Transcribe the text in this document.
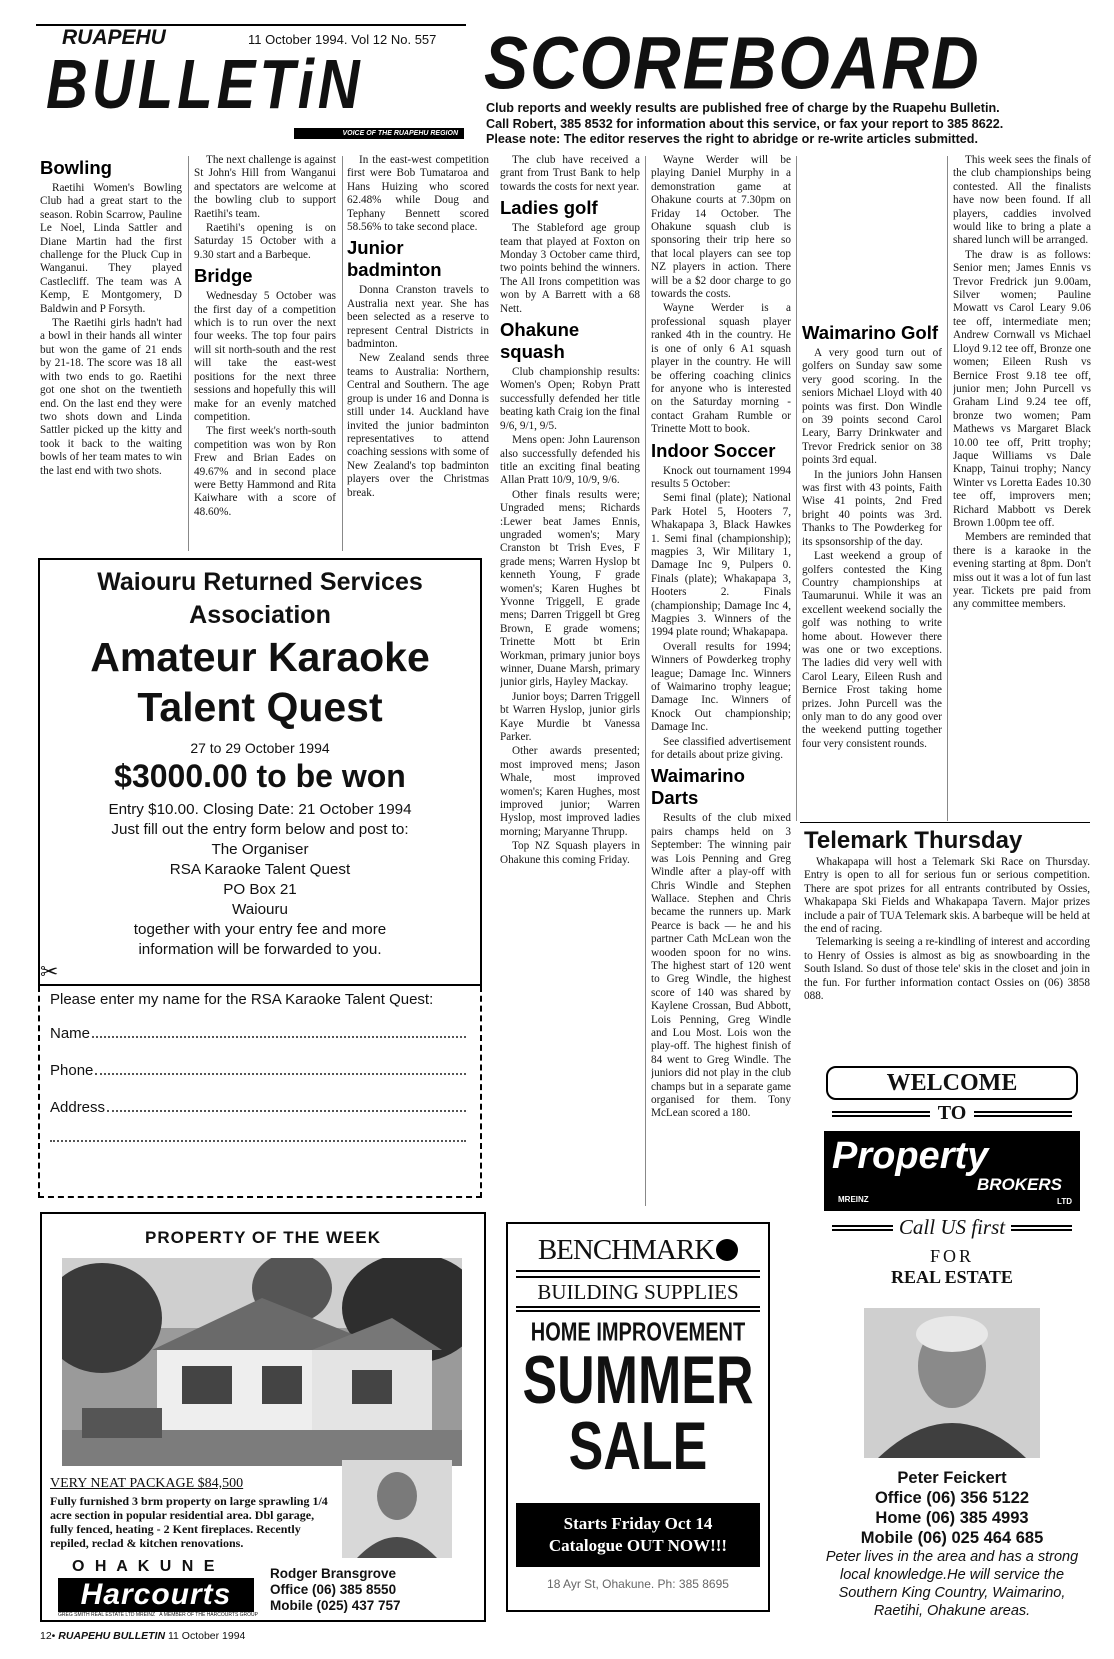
RUAPEHU	11 October 1994. Vol 12 No. 557
BULLETiN
VOICE OF THE RUAPEHU REGION
SCOREBOARD
Club reports and weekly results are published free of charge by the Ruapehu Bulletin.
Call Robert, 385 8532 for information about this service, or fax your report to 385 8622.
Please note: The editor reserves the right to abridge or re-write articles submitted.
Bowling

Raetihi Women's Bowling Club had a great start to the season. Robin Scarrow, Pauline Le Noel, Linda Sattler and Diane Martin had the first challenge for the Pluck Cup in Wanganui. They played Castlecliff. The team was A Kemp, E Montgomery, D Baldwin and P Forsyth.

The Raetihi girls hadn't had a bowl in their hands all winter but won the game of 21 ends by 21-18. The score was 18 all with two ends to go. Raetihi got one shot on the twentieth end. On the last end they were two shots down and Linda Sattler picked up the kitty and took it back to the waiting bowls of her team mates to win the last end with two shots.

The next challenge is against St John's Hill from Wanganui and spectators are welcome at the bowling club to support Raetihi's team.

Raetihi's opening is on Saturday 15 October with a 9.30 start and a Barbeque.

Bridge

Wednesday 5 October was the first day of a competition which is to run over the next four weeks. The top four pairs will sit north-south and the rest will take the east-west positions for the next three sessions and hopefully this will make for an evenly matched competition.

The first week's north-south competition was won by Ron Frew and Brian Eades on 49.67% and in second place were Betty Hammond and Rita Kaiwhare with a score of 48.60%.

In the east-west competition first were Bob Tumataroa and Hans Huizing who scored 62.48% while Doug and Tephany Bennett scored 58.56% to take second place.

Junior badminton

Donna Cranston travels to Australia next year. She has been selected as a reserve to represent Central Districts in badminton.

New Zealand sends three teams to Australia: Northern, Central and Southern. The age group is under 16 and Donna is still under 14. Auckland have invited the junior badminton representatives to attend coaching sessions with some of New Zealand's top badminton players over the Christmas break.

Waiouru Returned Services
Association
Amateur Karaoke
Talent Quest
27 to 29 October 1994
$3000.00 to be won
Entry $10.00. Closing Date: 21 October 1994
Just fill out the entry form below and post to:
The Organiser
RSA Karaoke Talent Quest
PO Box 21
Waiouru
together with your entry fee and more
information will be forwarded to you.
✂
Please enter my name for the RSA Karaoke Talent Quest:
Name
Phone
Address

The club have received a grant from Trust Bank to help towards the costs for next year.

Ladies golf

The Stableford age group team that played at Foxton on Monday 3 October came third, two points behind the winners. The All Irons competition was won by A Barrett with a 68 Nett.

Ohakune squash

Club championship results: Women's Open; Robyn Pratt successfully defended her title beating kath Craig ion the final 9/6, 9/1, 9/5.

Mens open: John Laurenson also successfully defended his title an exciting final beating Allan Pratt 10/9, 10/9, 9/6.

Other finals results were; Ungraded mens; Richards :Lewer beat James Ennis, ungraded women's; Mary Cranston bt Trish Eves, F grade mens; Warren Hyslop bt kenneth Young, F grade women's; Karen Hughes bt Yvonne Triggell, E grade mens; Darren Triggell bt Greg Brown, E grade womens; Trinette Mott bt Erin Workman, primary junior boys winner, Duane Marsh, primary junior girls, Hayley Mackay.

Junior boys; Darren Triggell bt Warren Hyslop, junior girls Kaye Murdie bt Vanessa Parker.

Other awards presented; most improved mens; Jason Whale, most improved women's; Karen Hughes, most improved junior; Warren Hyslop, most improved ladies morning; Maryanne Thrupp.

Top NZ Squash players in Ohakune this coming Friday.

Wayne Werder will be playing Daniel Murphy in a demonstration game at Ohakune courts at 7.30pm on Friday 14 October. The Ohakune squash club is sponsoring their trip here so that local players can see top NZ players in action. There will be a $2 door charge to go towards the costs.

Wayne Werder is a professional squash player ranked 4th in the country. He is one of only 6 A1 squash player in the country. He will be offering coaching clinics for anyone who is interested on the Saturday morning - contact Graham Rumble or Trinette Mott to book.

Indoor Soccer

Knock out tournament 1994 results 5 October:

Semi final (plate); National Park Hotel 5, Hooters 7, Whakapapa 3, Black Hawkes 1. Semi final (championship); magpies 3, Wir Military 1, Damage Inc 9, Pulpers 0. Finals (plate); Whakapapa 3, Hooters 2. Finals (championship; Damage Inc 4, Magpies 3. Winners of the 1994 plate round; Whakapapa.

Overall results for 1994; Winners of Powderkeg trophy league; Damage Inc. Winners of Waimarino trophy league; Damage Inc. Winners of Knock Out championship; Damage Inc.

See classified advertisement for details about prize giving.

Waimarino Darts

Results of the club mixed pairs champs held on 3 September: The winning pair was Lois Penning and Greg Windle after a play-off with Chris Windle and Stephen Wallace. Stephen and Chris became the runners up. Mark Pearce is back — he and his partner Cath McLean won the wooden spoon for no wins. The highest start of 120 went to Greg Windle, the highest score of 140 was shared by Kaylene Crossan, Bud Abbott, Lois Penning, Greg Windle and Lou Most. Lois won the play-off. The highest finish of 84 went to Greg Windle. The juniors did not play in the club champs but in a separate game organised for them. Tony McLean scored a 180.

Waimarino Golf

A very good turn out of golfers on Sunday saw some very good scoring. In the seniors Michael Lloyd with 40 points was first. Don Windle on 39 points second Carol Leary, Barry Drinkwater and Trevor Fredrick senior on 38 points 3rd equal.

In the juniors John Hansen was first with 43 points, Faith Wise 41 points, 2nd Fred bright 40 points was 3rd. Thanks to The Powderkeg for its spsonsorship of the day.

Last weekend a group of golfers contested the King Country championships at Taumarunui. While it was an excellent weekend socially the golf was nothing to write home about. However there was one or two exceptions. The ladies did very well with Carol Leary, Eileen Rush and Bernice Frost taking home prizes. John Purcell was the only man to do any good over the weekend putting together four very consistent rounds.

This week sees the finals of the club championships being contested. All the finalists have now been found. If all players, caddies involved would like to bring a plate a shared lunch will be arranged.

The draw is as follows: Senior men; James Ennis vs Trevor Fredrick jun 9.00am, Silver women; Pauline Mowatt vs Carol Leary 9.06 tee off, intermediate men; Andrew Cornwall vs Michael Lloyd 9.12 tee off, Bronze one women; Eileen Rush vs Bernice Frost 9.18 tee off, junior men; John Purcell vs Graham Lind 9.24 tee off, bronze two women; Pam Mathews vs Margaret Black 10.00 tee off, Pritt trophy; Jaque Williams vs Dale Knapp, Tainui trophy; Nancy Winter vs Loretta Eades 10.30 tee off, improvers men; Richard Mabbott vs Derek Brown 1.00pm tee off.

Members are reminded that there is a karaoke in the evening starting at 8pm. Don't miss out it was a lot of fun last year. Tickets pre paid from any committee members.

Telemark Thursday

Whakapapa will host a Telemark Ski Race on Thursday. Entry is open to all for serious fun or serious competition. There are spot prizes for all entrants contributed by Ossies, Whakapapa Ski Fields and Whakapapa Tavern. Major prizes include a pair of TUA Telemark skis. A barbeque will be held at the end of racing.

Telemarking is seeing a re-kindling of interest and according to Henry of Ossies is almost as big as snowboarding in the South Island. So dust of those tele' skis in the closet and join in the fun. For further information contact Ossies on (06) 3858 088.

PROPERTY OF THE WEEK
VERY NEAT PACKAGE $84,500
Fully furnished 3 brm property on large sprawling 1/4 acre section in popular residential area. Dbl garage, fully fenced, heating - 2 Kent fireplaces. Recently repiled, reclad & kitchen renovations.
O H A K U N E
Harcourts
GREG SMITH REAL ESTATE LTD MREINZ A MEMBER OF THE HARCOURTS GROUP
Rodger Bransgrove
Office (06) 385 8550
Mobile (025) 437 757
BENCHMARK
BUILDING SUPPLIES
HOME IMPROVEMENT
SUMMER
SALE
Starts Friday Oct 14
Catalogue OUT NOW!!!
18 Ayr St, Ohakune. Ph: 385 8695
WELCOME
TO
Property
BROKERS
MREINZ	LTD
Call US first
FOR
REAL ESTATE
Peter Feickert
Office (06) 356 5122
Home (06) 385 4993
Mobile (06) 025 464 685
Peter lives in the area and has a strong local knowledge.He will service the Southern King Country, Waimarino, Raetihi, Ohakune areas.
12• RUAPEHU BULLETIN 11 October 1994
